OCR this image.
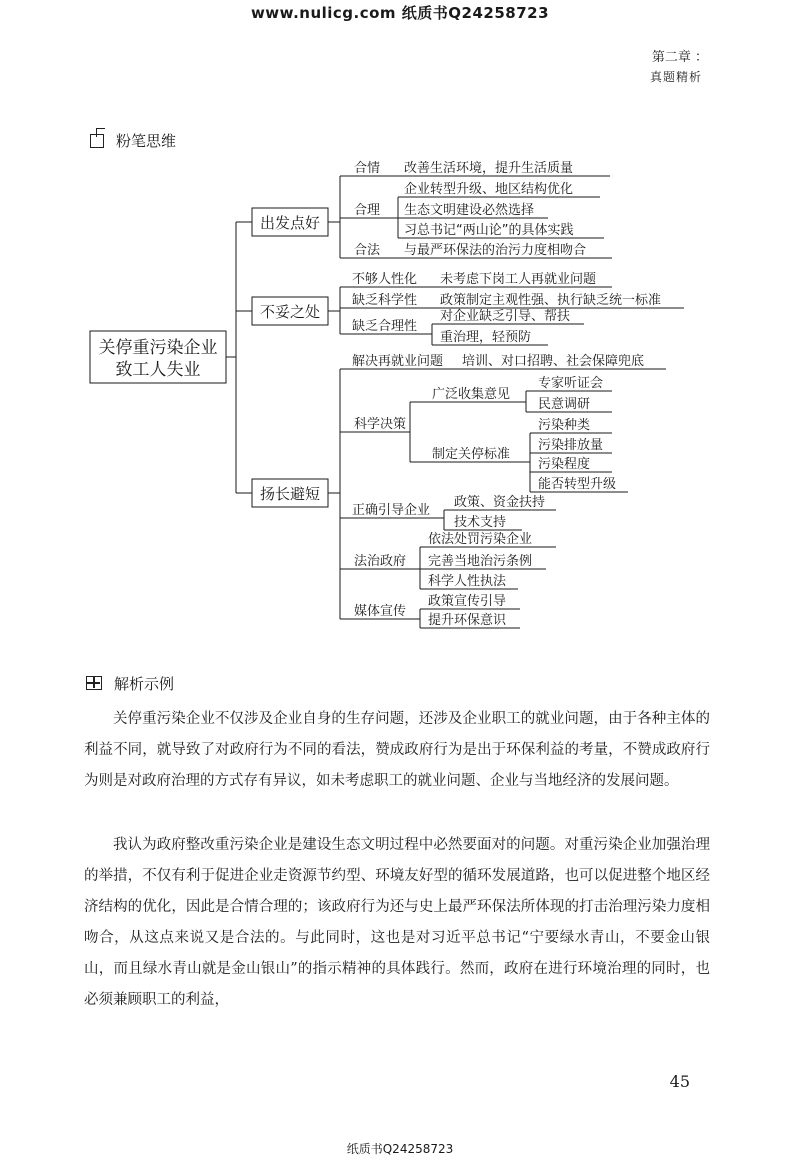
www.nulicg.com 纸质书Q24258723
第二章 ：
真题精析
粉笔思维
关停重污染企业
致工人失业
出发点好
合情 改善生活环境，提升生活质量
合理
企业转型升级、地区结构优化
生态文明建设必然选择
习总书记“两山论”的具体实践
合法 与最严环保法的治污力度相吻合
不妥之处
不够人性化 未考虑下岗工人再就业问题
缺乏科学性 政策制定主观性强、执行缺乏统一标准
缺乏合理性
对企业缺乏引导、帮扶
重治理，轻预防
扬长避短
解决再就业问题 培训、对口招聘、社会保障兜底
科学决策
广泛收集意见
专家听证会
民意调研
制定关停标准
污染种类
污染排放量
污染程度
能否转型升级
正确引导企业
政策、资金扶持
技术支持
法治政府
依法处罚污染企业
完善当地治污条例
科学人性执法
媒体宣传
政策宣传引导
提升环保意识
解析示例
关停重污染企业不仅涉及企业自身的生存问题，还涉及企业职工的就业问题，由于各种主体的利益不同，就导致了对政府行为不同的看法，赞成政府行为是出于环保利益的考量，不赞成政府行为则是对政府治理的方式存有异议，如未考虑职工的就业问题、企业与当地经济的发展问题。
我认为政府整改重污染企业是建设生态文明过程中必然要面对的问题。对重污染企业加强治理的举措，不仅有利于促进企业走资源节约型、环境友好型的循环发展道路，也可以促进整个地区经济结构的优化，因此是合情合理的；该政府行为还与史上最严环保法所体现的打击治理污染力度相吻合，从这点来说又是合法的。与此同时，这也是对习近平总书记“宁要绿水青山，不要金山银山，而且绿水青山就是金山银山”的指示精神的具体践行。然而，政府在进行环境治理的同时，也必须兼顾职工的利益，
45
纸质书Q24258723
